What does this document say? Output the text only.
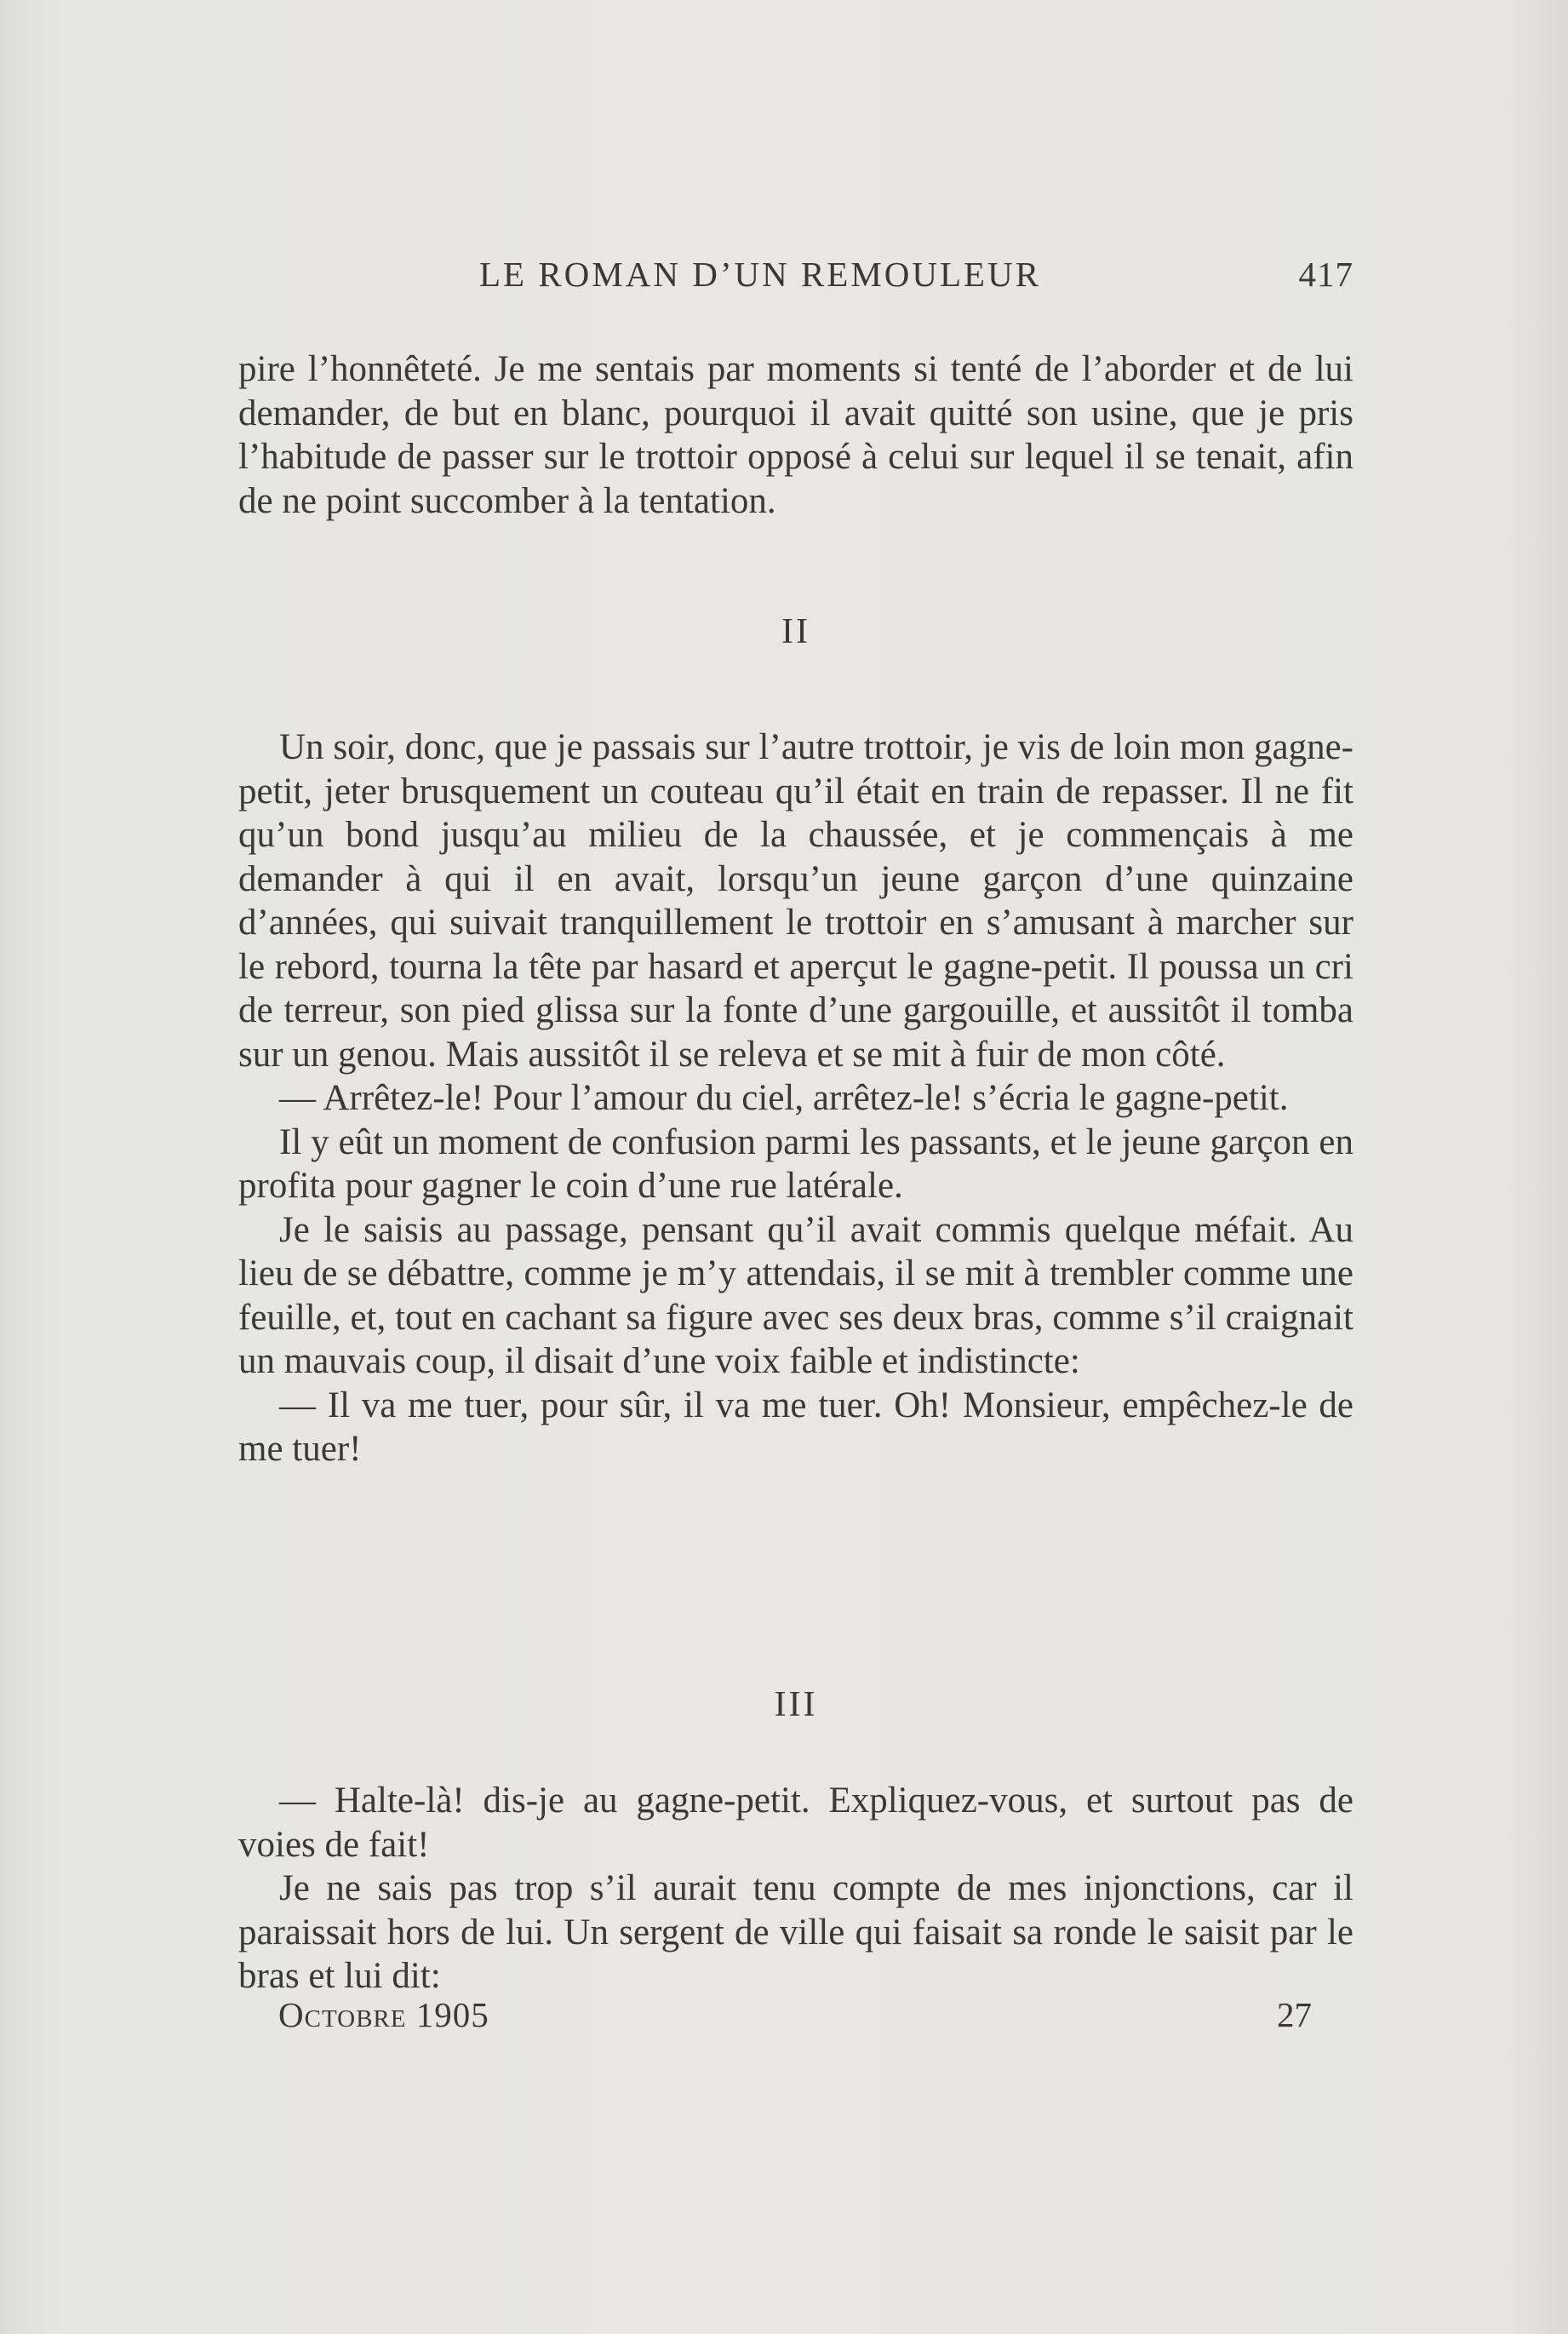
LE ROMAN D’UN REMOULEUR	417

pire l’honnêteté. Je me sentais par moments si tenté de l’aborder et de lui demander, de but en blanc, pourquoi il avait quitté son usine, que je pris l’habitude de passer sur le trottoir opposé à celui sur lequel il se tenait, afin de ne point succomber à la tentation.

II

Un soir, donc, que je passais sur l’autre trottoir, je vis de loin mon gagne-petit, jeter brusquement un couteau qu’il était en train de repasser. Il ne fit qu’un bond jusqu’au milieu de la chaussée, et je commençais à me demander à qui il en avait, lorsqu’un jeune garçon d’une quinzaine d’années, qui suivait tranquillement le trottoir en s’amusant à marcher sur le rebord, tourna la tête par hasard et aperçut le gagne-petit. Il poussa un cri de terreur, son pied glissa sur la fonte d’une gargouille, et aussitôt il tomba sur un genou. Mais aussitôt il se releva et se mit à fuir de mon côté.

— Arrêtez-le! Pour l’amour du ciel, arrêtez-le! s’écria le gagne-petit.

Il y eût un moment de confusion parmi les passants, et le jeune garçon en profita pour gagner le coin d’une rue latérale.

Je le saisis au passage, pensant qu’il avait commis quelque méfait. Au lieu de se débattre, comme je m’y attendais, il se mit à trembler comme une feuille, et, tout en cachant sa figure avec ses deux bras, comme s’il craignait un mauvais coup, il disait d’une voix faible et indistincte:

— Il va me tuer, pour sûr, il va me tuer. Oh! Monsieur, empêchez-le de me tuer!

III

— Halte-là! dis-je au gagne-petit. Expliquez-vous, et surtout pas de voies de fait!

Je ne sais pas trop s’il aurait tenu compte de mes injonctions, car il paraissait hors de lui. Un sergent de ville qui faisait sa ronde le saisit par le bras et lui dit:

Octobre 1905	27
